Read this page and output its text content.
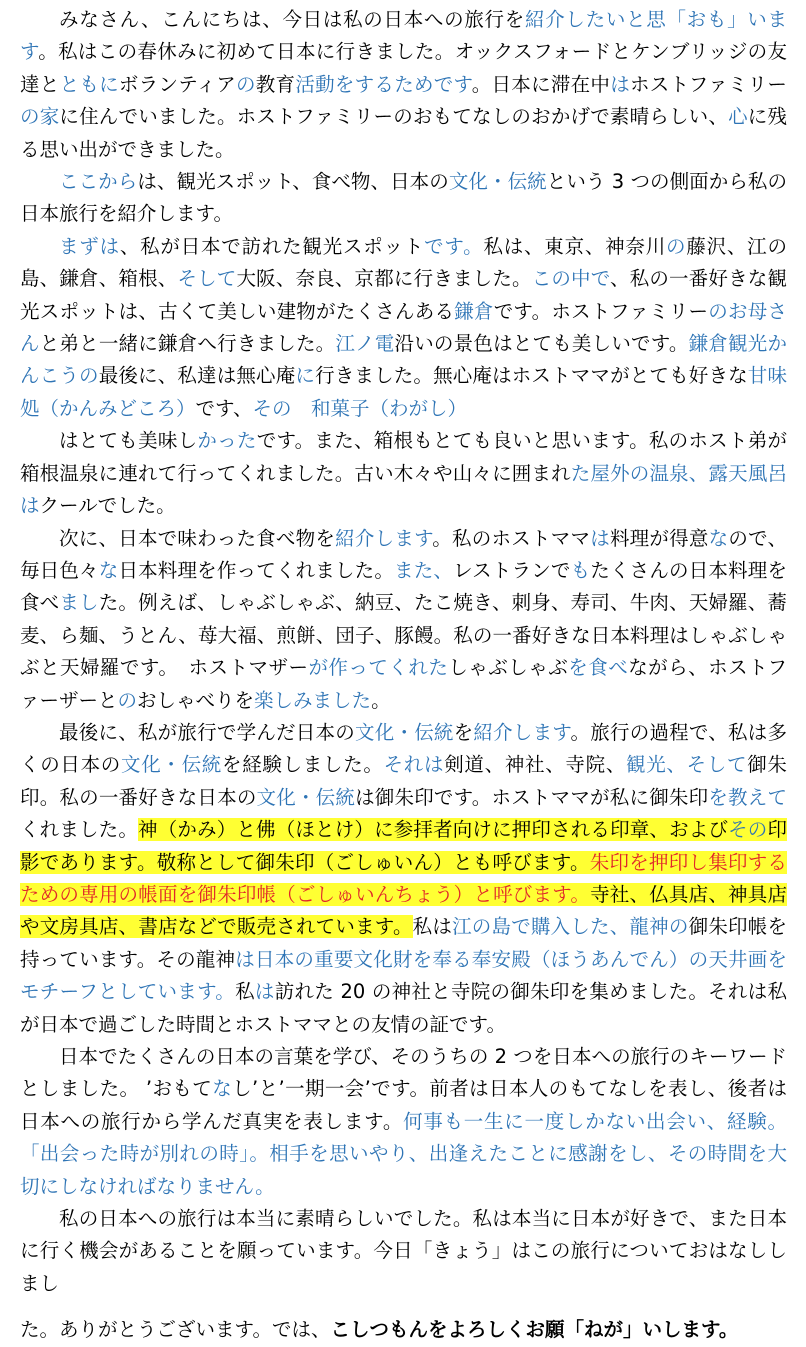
みなさん、こんにちは、今日は私の日本への旅行を紹介したいと思「おも」います。私はこの春休みに初めて日本に行きました。オックスフォードとケンブリッジの友達とともにボランティアの教育活動をするためです。日本に滞在中はホストファミリーの家に住んでいました。ホストファミリーのおもてなしのおかげで素晴らしい、心に残る思い出ができました。

ここからは、観光スポット、食べ物、日本の文化・伝統という 3 つの側面から私の日本旅行を紹介します。

まずは、私が日本で訪れた観光スポットです。私は、東京、神奈川の藤沢、江の島、鎌倉、箱根、そして大阪、奈良、京都に行きました。この中で、私の一番好きな観光スポットは、古くて美しい建物がたくさんある鎌倉です。ホストファミリーのお母さんと弟と一緒に鎌倉へ行きました。江ノ電沿いの景色はとても美しいです。鎌倉観光かんこうの最後に、私達は無心庵に行きました。無心庵はホストママがとても好きな甘味処（かんみどころ）です、その　和菓子（わがし）

はとても美味しかったです。また、箱根もとても良いと思います。私のホスト弟が箱根温泉に連れて行ってくれました。古い木々や山々に囲まれた屋外の温泉、露天風呂はクールでした。

次に、日本で味わった食べ物を紹介します。私のホストママは料理が得意なので、毎日色々な日本料理を作ってくれました。また、レストランでもたくさんの日本料理を食べました。例えば、しゃぶしゃぶ、納豆、たこ焼き、刺身、寿司、牛肉、天婦羅、蕎麦、ら麺、うとん、苺大福、煎餅、団子、豚饅。私の一番好きな日本料理はしゃぶしゃぶと天婦羅です。　ホストマザーが作ってくれたしゃぶしゃぶを食べながら、ホストファーザーとのおしゃべりを楽しみました。

最後に、私が旅行で学んだ日本の文化・伝統を紹介します。旅行の過程で、私は多くの日本の文化・伝統を経験しました。それは剣道、神社、寺院、観光、そして御朱印。私の一番好きな日本の文化・伝統は御朱印です。ホストママが私に御朱印を教えてくれました。神（かみ）と佛（ほとけ）に参拝者向けに押印される印章、およびその印影であります。敬称として御朱印（ごしゅいん）とも呼びます。朱印を押印し集印するための専用の帳面を御朱印帳（ごしゅいんちょう）と呼びます。寺社、仏具店、神具店や文房具店、書店などで販売されています。私は江の島で購入した、龍神の御朱印帳を持っています。その龍神は日本の重要文化財を奉る奉安殿（ほうあんでん）の天井画をモチーフとしています。私は訪れた 20 の神社と寺院の御朱印を集めました。それは私が日本で過ごした時間とホストママとの友情の証です。

日本でたくさんの日本の言葉を学び、そのうちの 2 つを日本への旅行のキーワードとしました。 ’おもてなし’と’一期一会’です。前者は日本人のもてなしを表し、後者は日本への旅行から学んだ真実を表します。何事も一生に一度しかない出会い、経験。「出会った時が別れの時」。相手を思いやり、出逢えたことに感謝をし、その時間を大切にしなければなりません。

私の日本への旅行は本当に素晴らしいでした。私は本当に日本が好きで、また日本に行く機会があることを願っています。今日「きょう」はこの旅行についておはなししまし

た。ありがとうございます。では、こしつもんをよろしくお願「ねが」いします。
